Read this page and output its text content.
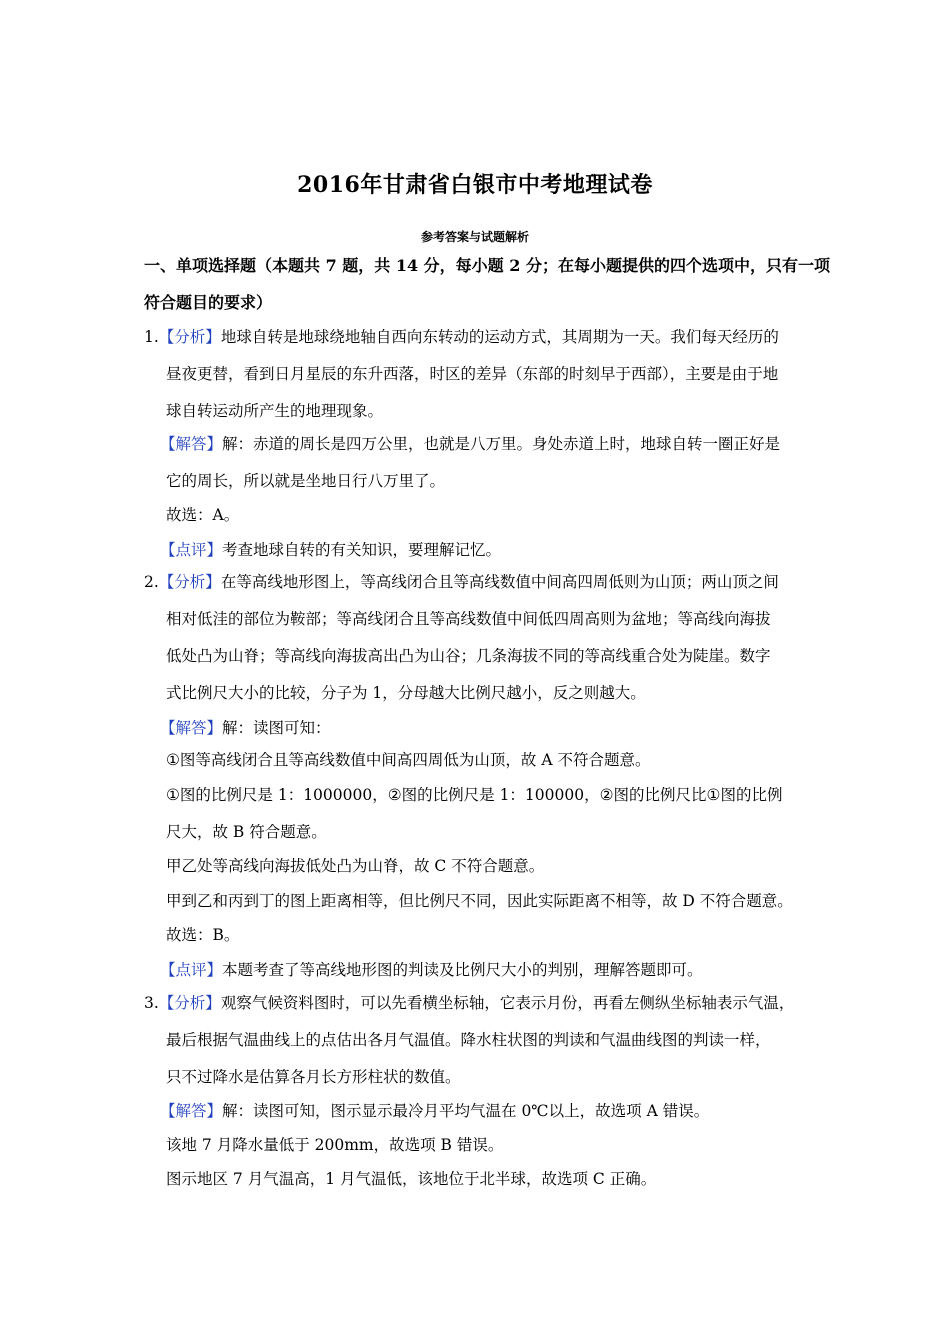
2016年甘肃省白银市中考地理试卷
参考答案与试题解析
一、单项选择题（本题共 7 题，共 14 分，每小题 2 分；在每小题提供的四个选项中，只有一项
符合题目的要求）
1.【分析】地球自转是地球绕地轴自西向东转动的运动方式，其周期为一天。我们每天经历的
昼夜更替，看到日月星辰的东升西落，时区的差异（东部的时刻早于西部），主要是由于地
球自转运动所产生的地理现象。
【解答】解：赤道的周长是四万公里，也就是八万里。身处赤道上时，地球自转一圈正好是
它的周长，所以就是坐地日行八万里了。
故选：A。
【点评】考查地球自转的有关知识，要理解记忆。
2.【分析】在等高线地形图上，等高线闭合且等高线数值中间高四周低则为山顶；两山顶之间
相对低洼的部位为鞍部；等高线闭合且等高线数值中间低四周高则为盆地；等高线向海拔
低处凸为山脊；等高线向海拔高出凸为山谷；几条海拔不同的等高线重合处为陡崖。数字
式比例尺大小的比较，分子为 1，分母越大比例尺越小，反之则越大。
【解答】解：读图可知：
①图等高线闭合且等高线数值中间高四周低为山顶，故 A 不符合题意。
①图的比例尺是 1：1000000，②图的比例尺是 1：100000，②图的比例尺比①图的比例
尺大，故 B 符合题意。
甲乙处等高线向海拔低处凸为山脊，故 C 不符合题意。
甲到乙和丙到丁的图上距离相等，但比例尺不同，因此实际距离不相等，故 D 不符合题意。
故选：B。
【点评】本题考查了等高线地形图的判读及比例尺大小的判别，理解答题即可。
3.【分析】观察气候资料图时，可以先看横坐标轴，它表示月份，再看左侧纵坐标轴表示气温，
最后根据气温曲线上的点估出各月气温值。降水柱状图的判读和气温曲线图的判读一样，
只不过降水是估算各月长方形柱状的数值。
【解答】解：读图可知，图示显示最冷月平均气温在 0℃以上，故选项 A 错误。
该地 7 月降水量低于 200mm，故选项 B 错误。
图示地区 7 月气温高，1 月气温低，该地位于北半球，故选项 C 正确。
